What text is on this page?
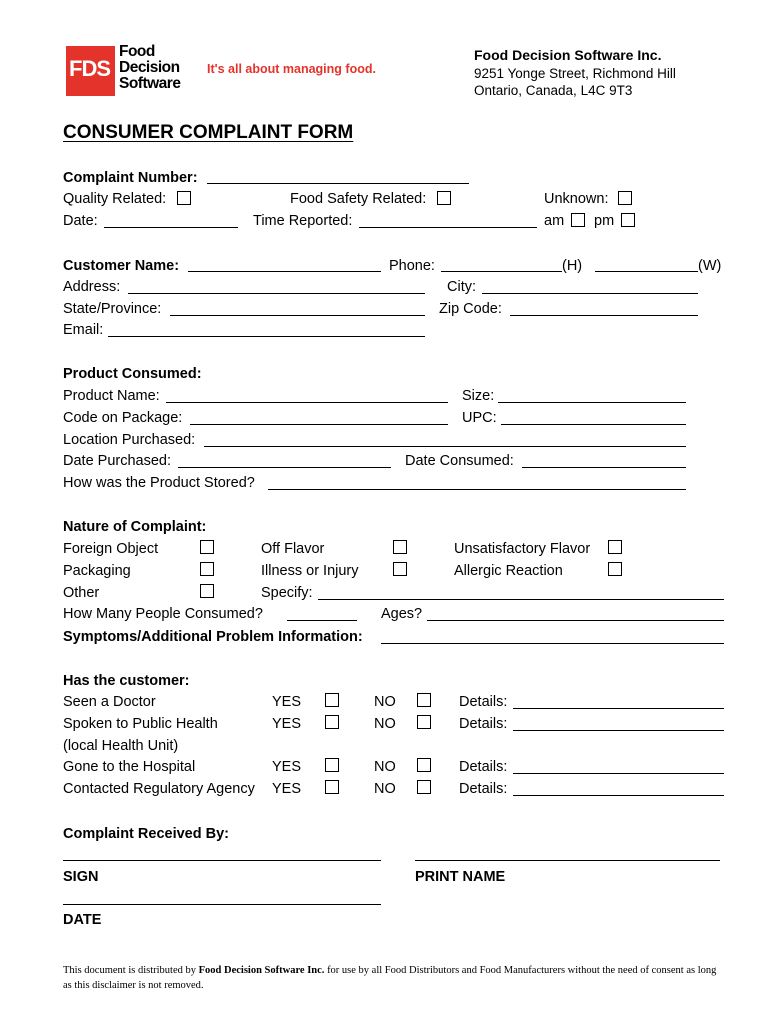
FDS
Food
Decision
Software
It's all about managing food.
Food Decision Software Inc.
9251 Yonge Street, Richmond Hill
Ontario, Canada, L4C 9T3
CONSUMER COMPLAINT FORM
Complaint Number:
Quality Related:	Food Safety Related:	Unknown:
Date:	Time Reported:	am pm
Customer Name:	Phone:	(H)	(W)
Address:	City:
State/Province:	Zip Code:
Email:
Product Consumed:
Product Name:	Size:
Code on Package:	UPC:
Location Purchased:
Date Purchased:	Date Consumed:
How was the Product Stored?
Nature of Complaint:
Foreign Object	Off Flavor	Unsatisfactory Flavor
Packaging	Illness or Injury	Allergic Reaction
Other	Specify:
How Many People Consumed?	Ages?
Symptoms/Additional Problem Information:
Has the customer:
Seen a Doctor	YES	NO	Details:
Spoken to Public Health	YES	NO	Details:
(local Health Unit)
Gone to the Hospital	YES	NO	Details:
Contacted Regulatory Agency YES	NO	Details:
Complaint Received By:
SIGN	PRINT NAME
DATE
This document is distributed by Food Decision Software Inc. for use by all Food Distributors and Food Manufacturers without the need of consent as long as this disclaimer is not removed.
